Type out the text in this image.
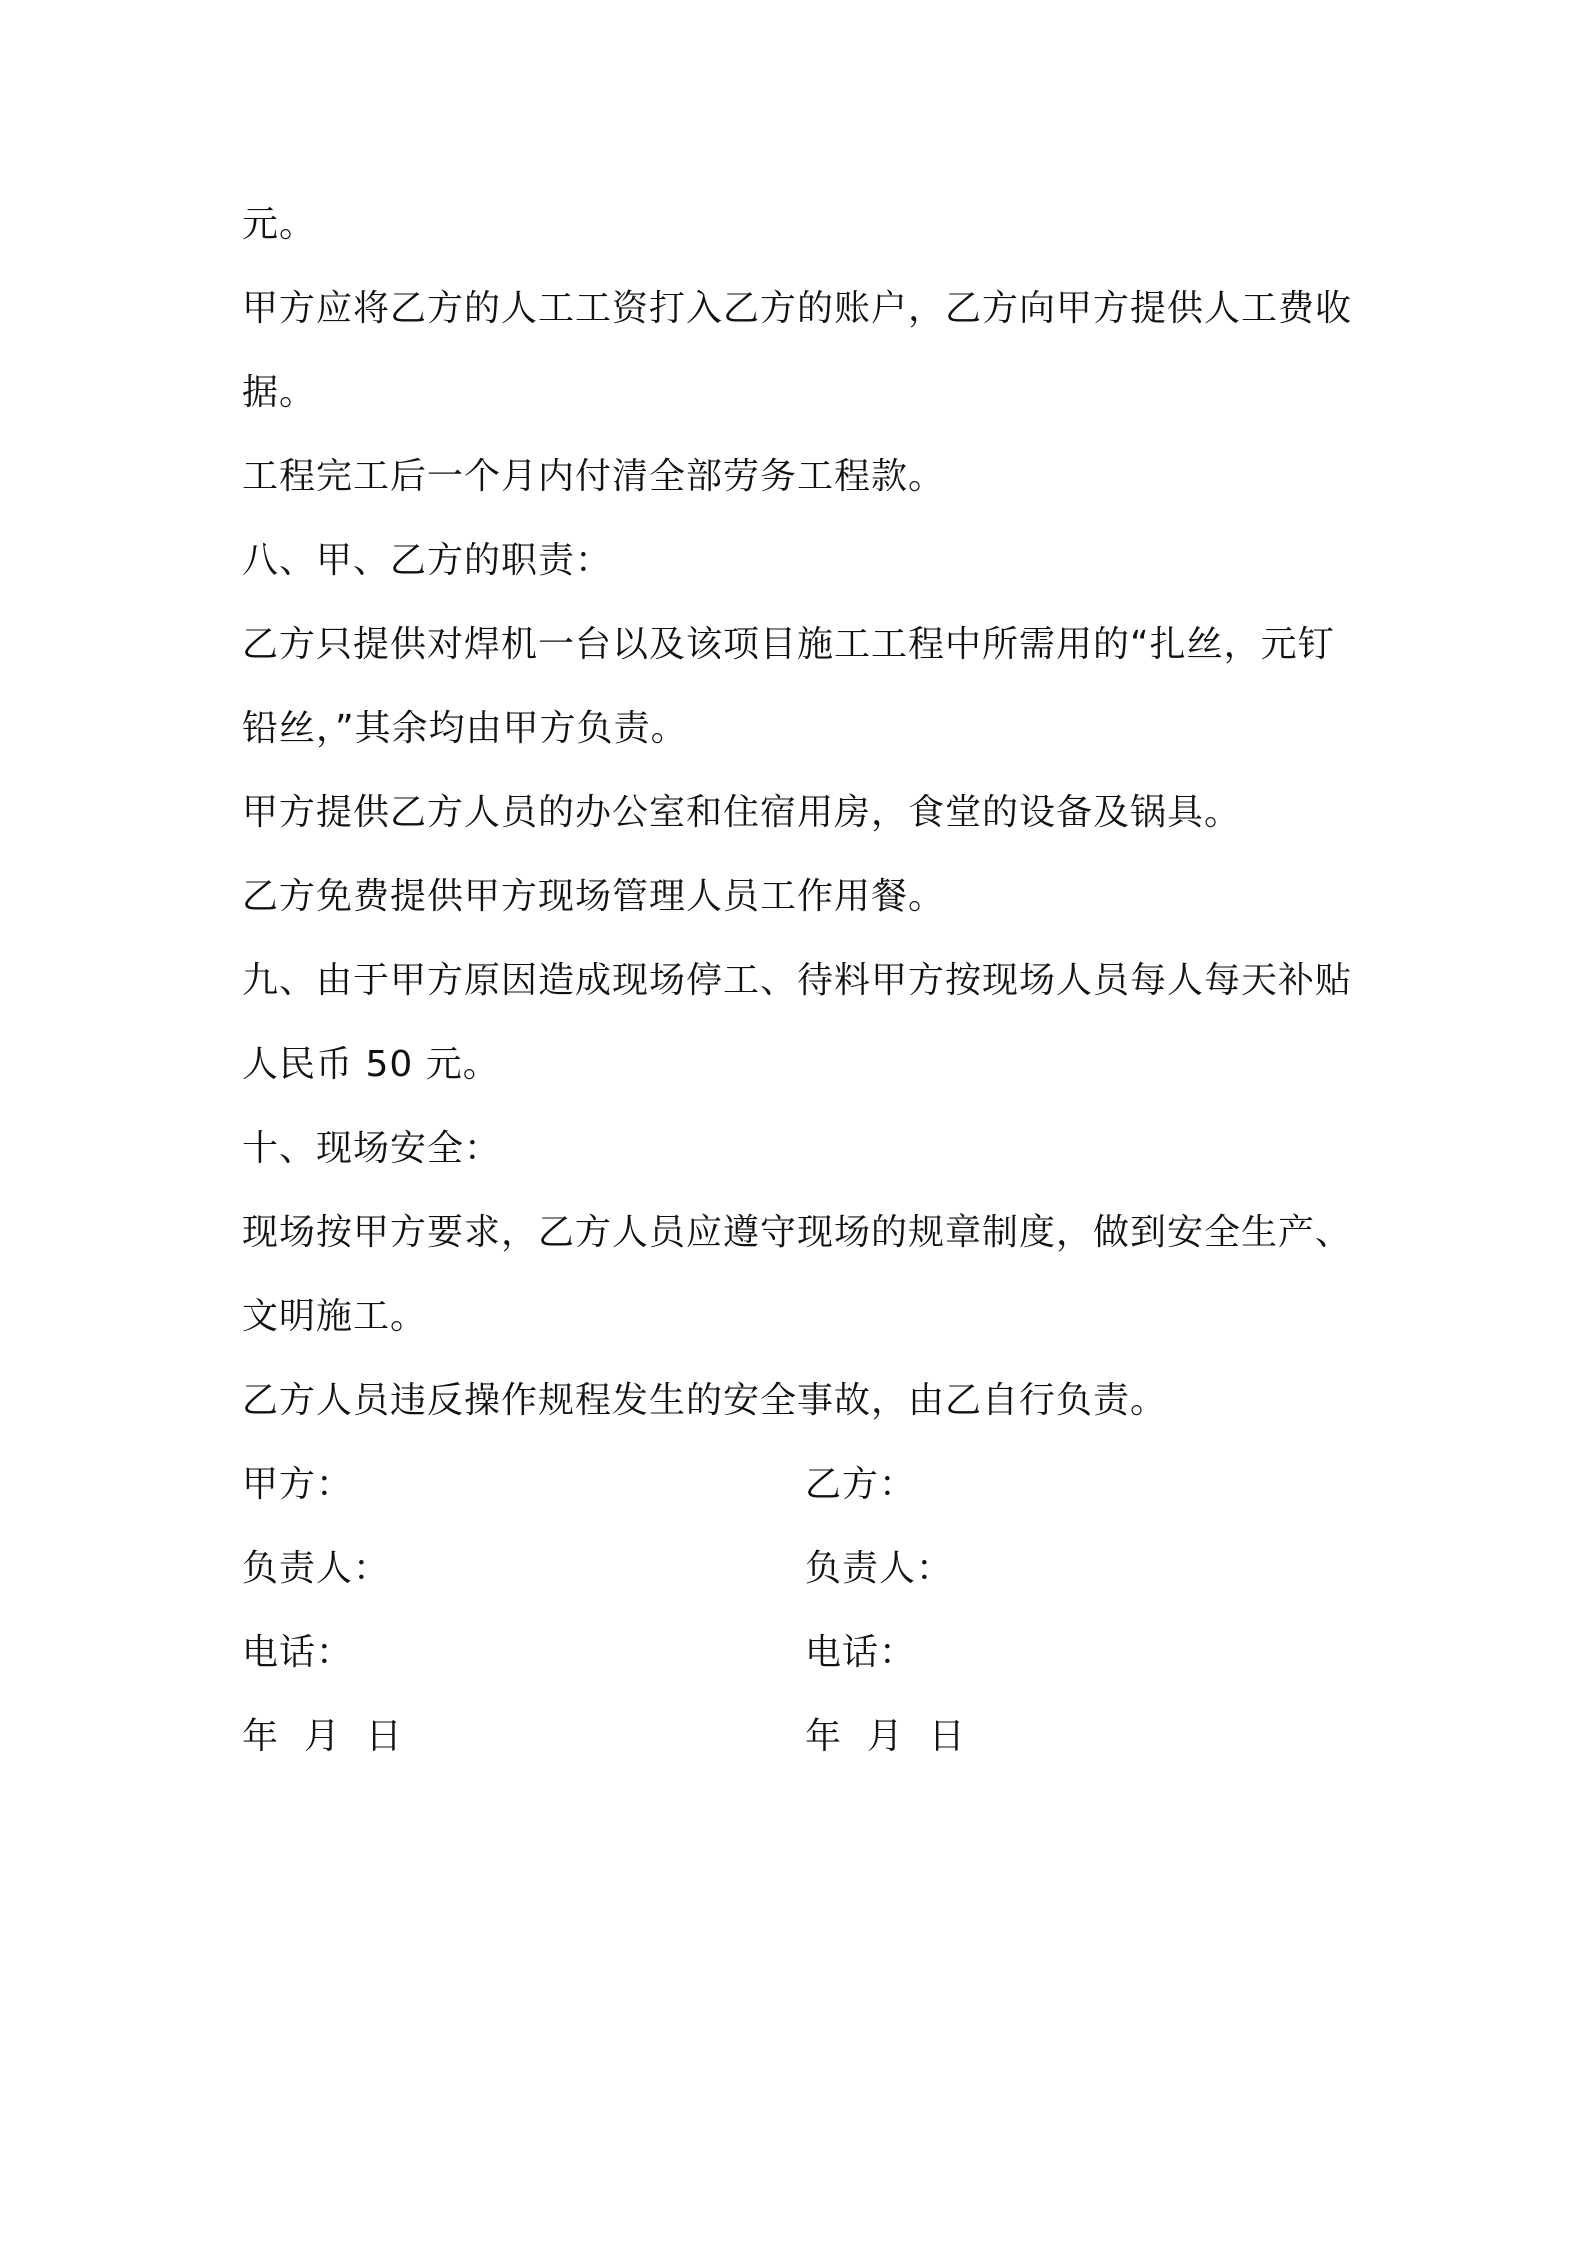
元。
甲方应将乙方的人工工资打入乙方的账户，乙方向甲方提供人工费收
据。
工程完工后一个月内付清全部劳务工程款。
八、甲、乙方的职责：
乙方只提供对焊机一台以及该项目施工工程中所需用的“扎丝，元钉
铅丝，”其余均由甲方负责。
甲方提供乙方人员的办公室和住宿用房，食堂的设备及锅具。
乙方免费提供甲方现场管理人员工作用餐。
九、由于甲方原因造成现场停工、待料甲方按现场人员每人每天补贴
人民币 50 元。
十、现场安全：
现场按甲方要求，乙方人员应遵守现场的规章制度，做到安全生产、
文明施工。
乙方人员违反操作规程发生的安全事故，由乙自行负责。
甲方：	乙方：
负责人：	负责人：
电话：	电话：
年  月  日	年  月  日
